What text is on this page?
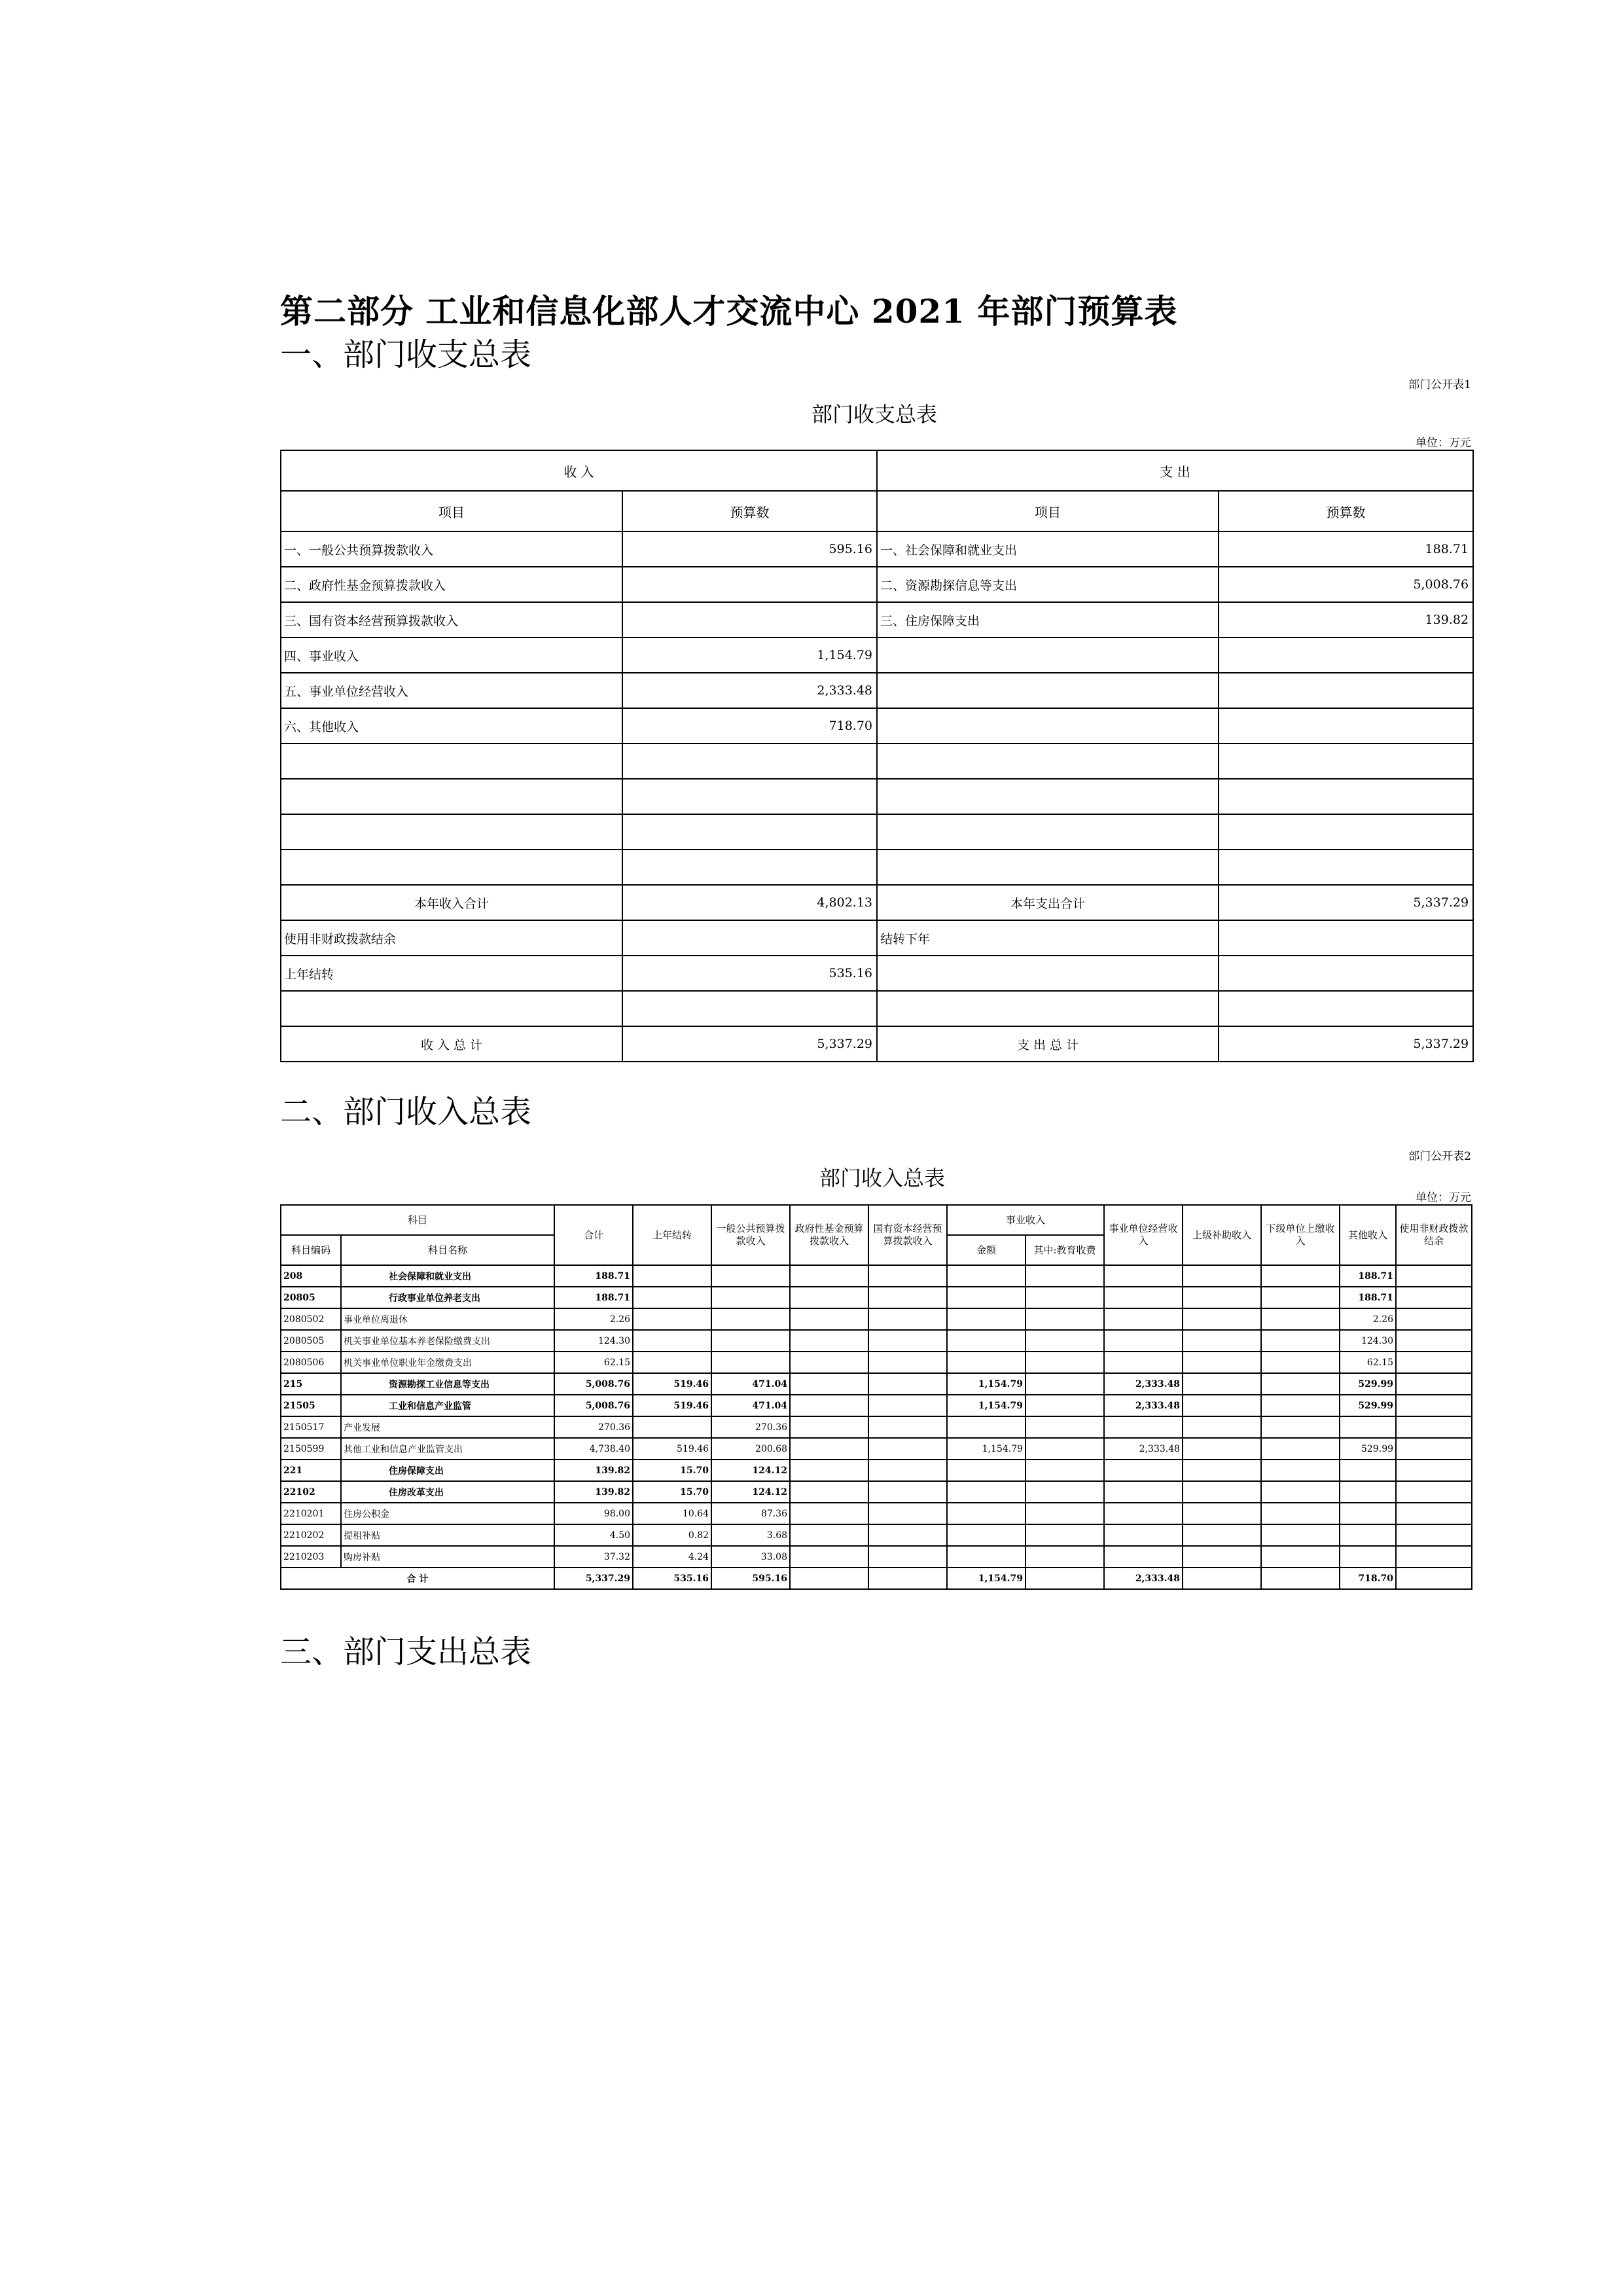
第二部分 工业和信息化部人才交流中心 2021 年部门预算表
一、部门收支总表
部门公开表1
部门收支总表
单位：万元
收 入		支 出	
项目	预算数	项目	预算数
一、一般公共预算拨款收入	595.16	一、社会保障和就业支出	188.71
二、政府性基金预算拨款收入		二、资源勘探信息等支出	5,008.76
三、国有资本经营预算拨款收入		三、住房保障支出	139.82
四、事业收入	1,154.79		
五、事业单位经营收入	2,333.48		
六、其他收入	718.70		

本年收入合计	4,802.13	本年支出合计	5,337.29
使用非财政拨款结余		结转下年	
上年结转	535.16		

收 入 总 计	5,337.29	支 出 总 计	5,337.29
二、部门收入总表
部门公开表2
部门收入总表
单位：万元
科目		合计	上年结转	一般公共预算拨款收入	政府性基金预算拨款收入	国有资本经营预算拨款收入	事业收入		事业单位经营收入	上级补助收入	下级单位上缴收入	其他收入	使用非财政拨款结余
科目编码	科目名称						金额	其中:教育收费					
208	社会保障和就业支出	188.71										188.71	
20805	行政事业单位养老支出	188.71										188.71	
2080502	事业单位离退休	2.26										2.26	
2080505	机关事业单位基本养老保险缴费支出	124.30										124.30	
2080506	机关事业单位职业年金缴费支出	62.15										62.15	
215	资源勘探工业信息等支出	5,008.76	519.46	471.04			1,154.79		2,333.48			529.99	
21505	工业和信息产业监管	5,008.76	519.46	471.04			1,154.79		2,333.48			529.99	
2150517	产业发展	270.36		270.36									
2150599	其他工业和信息产业监管支出	4,738.40	519.46	200.68			1,154.79		2,333.48			529.99	
221	住房保障支出	139.82	15.70	124.12									
22102	住房改革支出	139.82	15.70	124.12									
2210201	住房公积金	98.00	10.64	87.36									
2210202	提租补贴	4.50	0.82	3.68									
2210203	购房补贴	37.32	4.24	33.08									
合 计		5,337.29	535.16	595.16			1,154.79		2,333.48			718.70	
三、部门支出总表
